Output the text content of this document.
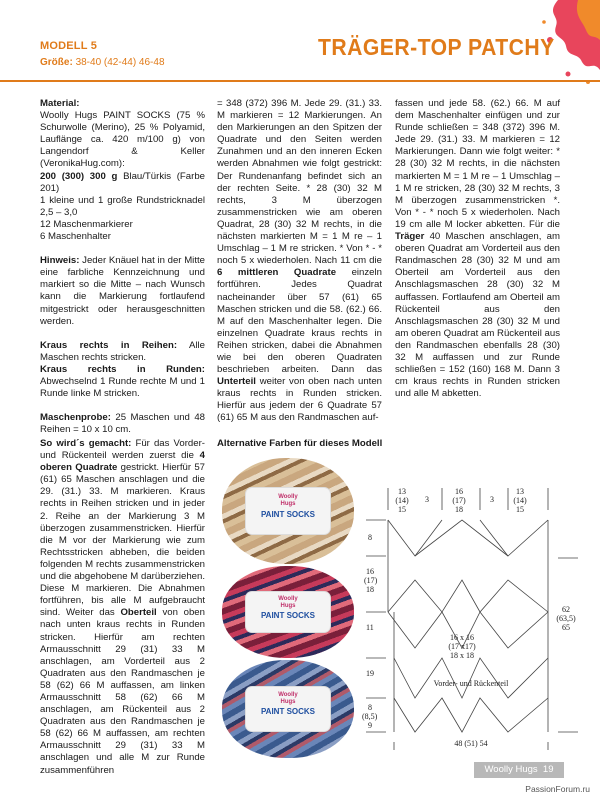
MODELL 5
Größe: 38-40 (42-44) 46-48
TRÄGER-TOP PATCHY

Material:
Woolly Hugs PAINT SOCKS (75 % Schurwolle (Merino), 25 % Polyamid, Lauflänge ca. 420 m/100 g) von Langendorf & Keller (VeronikaHug.com):
200 (300) 300 g Blau/Türkis (Farbe 201)
1 kleine und 1 große Rundstricknadel 2,5 – 3,0
12 Maschenmarkierer
6 Maschenhalter

Hinweis: Jeder Knäuel hat in der Mitte eine farbliche Kennzeichnung und markiert so die Mitte – nach Wunsch kann die Markierung fortlaufend mitgestrickt oder herausgeschnitten werden.

Kraus rechts in Reihen: Alle Maschen rechts stricken.

Kraus rechts in Runden: Abwechselnd 1 Runde rechte M und 1 Runde linke M stricken.

Maschenprobe: 25 Maschen und 48 Reihen = 10 x 10 cm.

= 348 (372) 396 M. Jede 29. (31.) 33. M markieren = 12 Markierungen. An den Markierungen an den Spitzen der Quadrate und den Seiten werden Zunahmen und an den inneren Ecken werden Abnahmen wie folgt gestrickt: Der Rundenanfang befindet sich an der rechten Seite. * 28 (30) 32 M rechts, 3 M überzogen zusammenstricken wie am oberen Quadrat, 28 (30) 32 M rechts, in die nächsten markierten M = 1 M re – 1 Umschlag – 1 M re stricken. * Von * - * noch 5 x wiederholen. Nach 11 cm die 6 mittleren Quadrate einzeln fortführen. Jedes Quadrat nacheinander über 57 (61) 65 Maschen stricken und die 58. (62.) 66. M auf den Maschenhalter legen. Die einzelnen Quadrate kraus rechts in Reihen stricken, dabei die Abnahmen wie bei den oberen Quadraten beschrieben arbeiten. Dann das Unterteil weiter von oben nach unten kraus rechts in Runden stricken. Hierfür aus jedem der 6 Quadrate 57 (61) 65 M aus den Randmaschen auf-
fassen und jede 58. (62.) 66. M auf dem Maschenhalter einfügen und zur Runde schließen = 348 (372) 396 M. Jede 29. (31.) 33. M markieren = 12 Markierungen. Dann wie folgt weiter: * 28 (30) 32 M rechts, in die nächsten markierten M = 1 M re – 1 Umschlag – 1 M re stricken, 28 (30) 32 M rechts, 3 M überzogen zusammenstricken *. Von * - * noch 5 x wiederholen. Nach 19 cm alle M locker abketten. Für die Träger 40 Maschen anschlagen, am oberen Quadrat am Vorderteil aus den Randmaschen 28 (30) 32 M und am Oberteil am Vorderteil aus den Anschlagsmaschen 28 (30) 32 M auffassen. Fortlaufend am Oberteil am Rückenteil aus den Anschlagsmaschen 28 (30) 32 M und am oberen Quadrat am Rückenteil aus den Randmaschen ebenfalls 28 (30) 32 M auffassen und zur Runde schließen = 152 (160) 168 M. Dann 3 cm kraus rechts in Runden stricken und alle M abketten.
So wird´s gemacht: Für das Vorder- und Rückenteil werden zuerst die 4 oberen Quadrate gestrickt. Hierfür 57 (61) 65 Maschen anschlagen und die 29. (31.) 33. M markieren. Kraus rechts in Reihen stricken und in jeder 2. Reihe an der Markierung 3 M überzogen zusammenstricken. Hierfür die M vor der Markierung wie zum Rechtsstricken abheben, die beiden folgenden M rechts zusammenstricken und die abgehobene M darüberziehen. Diese M markieren. Die Abnahmen fortführen, bis alle M aufgebraucht sind. Weiter das Oberteil von oben nach unten kraus rechts in Runden stricken. Hierfür am rechten Armausschnitt 29 (31) 33 M anschlagen, am Vorderteil aus 2 Quadraten aus den Randmaschen je 58 (62) 66 M auffassen, am linken Armausschnitt 58 (62) 66 M anschlagen, am Rückenteil aus 2 Quadraten aus den Randmaschen je 58 (62) 66 M auffassen, am rechten Armausschnitt 29 (31) 33 M anschlagen und alle M zur Runde zusammenführen
Alternative Farben für dieses Modell
Woolly
Hugs
PAINT SOCKS
Woolly
Hugs
PAINT SOCKS
Woolly
Hugs
PAINT SOCKS
13
(14)
15
3
16
(17)
18
3
13
(14)
15
8
16
(17)
18
11
19
8
(8,5)
9
16 x 16
(17 x17)
18 x 18
62
(63,5)
65
Vorder- und Rückenteil
48 (51) 54
Woolly Hugs 19
PassionForum.ru
